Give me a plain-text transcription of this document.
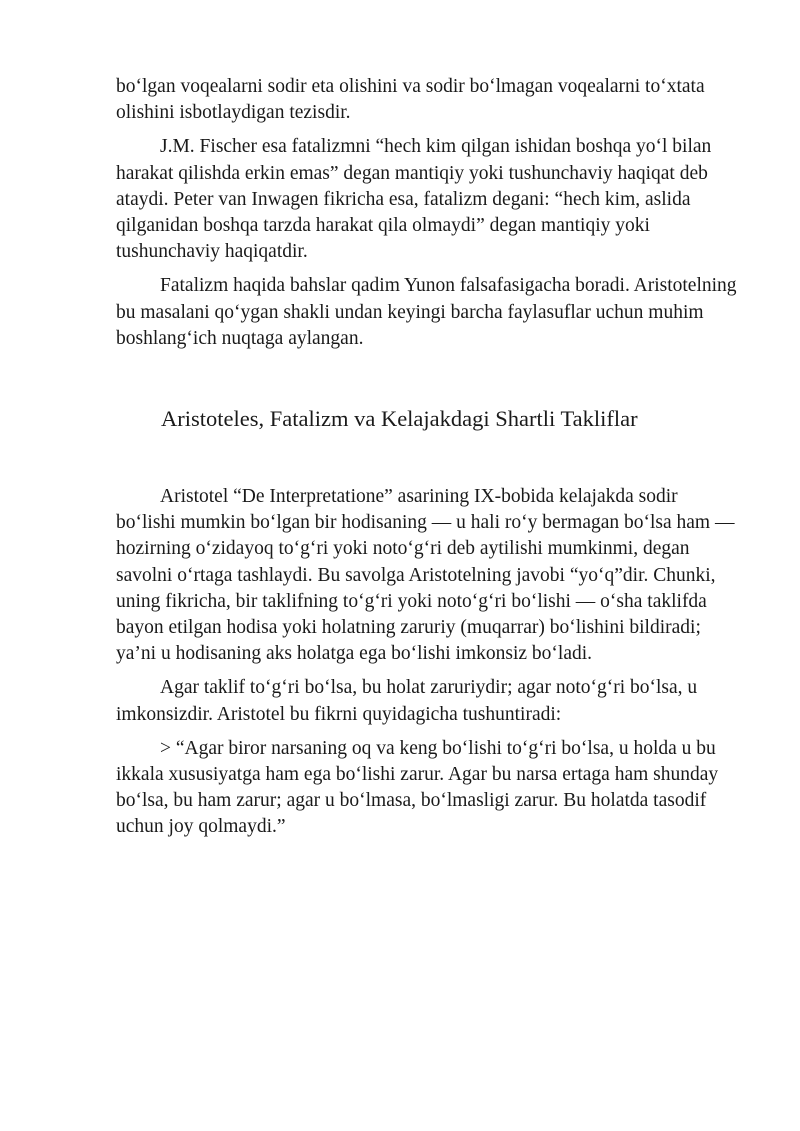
bo‘lgan voqealarni sodir eta olishini va sodir bo‘lmagan voqealarni to‘xtata olishini isbotlaydigan tezisdir.

J.M. Fischer esa fatalizmni “hech kim qilgan ishidan boshqa yo‘l bilan harakat qilishda erkin emas” degan mantiqiy yoki tushunchaviy haqiqat deb ataydi. Peter van Inwagen fikricha esa, fatalizm degani: “hech kim, aslida qilganidan boshqa tarzda harakat qila olmaydi” degan mantiqiy yoki tushunchaviy haqiqatdir.

Fatalizm haqida bahslar qadim Yunon falsafasigacha boradi. Aristotelning bu masalani qo‘ygan shakli undan keyingi barcha faylasuflar uchun muhim boshlang‘ich nuqtaga aylangan.

Aristoteles, Fatalizm va Kelajakdagi Shartli Takliflar

Aristotel “De Interpretatione” asarining IX-bobida kelajakda sodir bo‘lishi mumkin bo‘lgan bir hodisaning — u hali ro‘y bermagan bo‘lsa ham — hozirning o‘zidayoq to‘g‘ri yoki noto‘g‘ri deb aytilishi mumkinmi, degan savolni o‘rtaga tashlaydi. Bu savolga Aristotelning javobi “yo‘q”dir. Chunki, uning fikricha, bir taklifning to‘g‘ri yoki noto‘g‘ri bo‘lishi — o‘sha taklifda bayon etilgan hodisa yoki holatning zaruriy (muqarrar) bo‘lishini bildiradi; ya’ni u hodisaning aks holatga ega bo‘lishi imkonsiz bo‘ladi.

Agar taklif to‘g‘ri bo‘lsa, bu holat zaruriydir; agar noto‘g‘ri bo‘lsa, u imkonsizdir. Aristotel bu fikrni quyidagicha tushuntiradi:

> “Agar biror narsaning oq va keng bo‘lishi to‘g‘ri bo‘lsa, u holda u bu ikkala xususiyatga ham ega bo‘lishi zarur. Agar bu narsa ertaga ham shunday bo‘lsa, bu ham zarur; agar u bo‘lmasa, bo‘lmasligi zarur. Bu holatda tasodif uchun joy qolmaydi.”
